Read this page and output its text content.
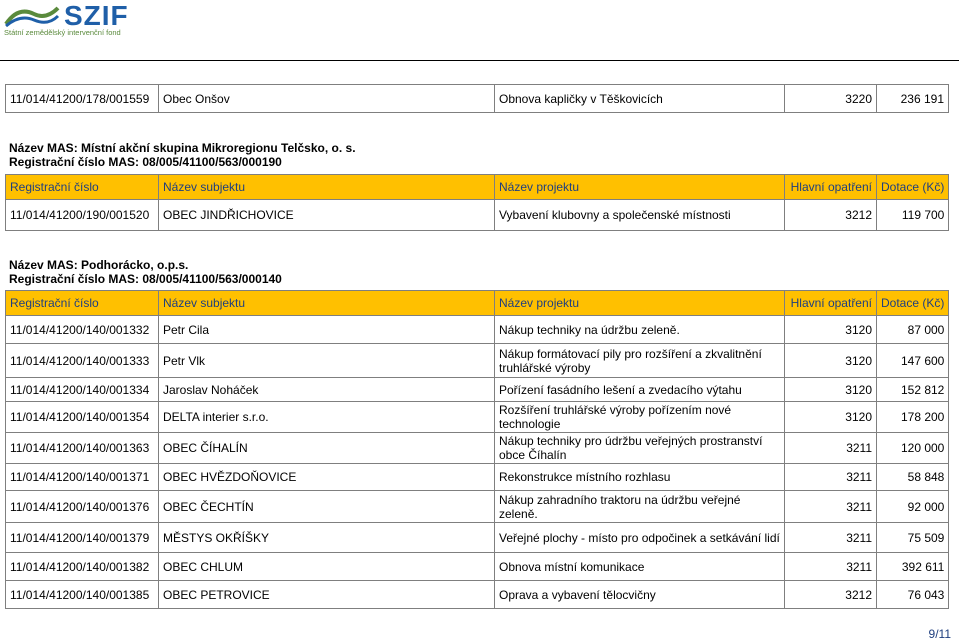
SZIF
Státní zemědělský intervenční fond
11/014/41200/178/001559	Obec Onšov	Obnova kapličky v Těškovicích	3220	236 191
Název MAS: Místní akční skupina Mikroregionu Telčsko, o. s.
Registrační číslo MAS: 08/005/41100/563/000190
Registrační číslo	Název subjektu	Název projektu	Hlavní opatření	Dotace (Kč)
11/014/41200/190/001520	OBEC JINDŘICHOVICE	Vybavení klubovny a společenské místnosti	3212	119 700
Název MAS: Podhorácko, o.p.s.
Registrační číslo MAS: 08/005/41100/563/000140
Registrační číslo	Název subjektu	Název projektu	Hlavní opatření	Dotace (Kč)
11/014/41200/140/001332	Petr Cila	Nákup techniky na údržbu zeleně.	3120	87 000
11/014/41200/140/001333	Petr Vlk	Nákup formátovací pily pro rozšíření a zkvalitnění truhlářské výroby	3120	147 600
11/014/41200/140/001334	Jaroslav Noháček	Pořízení fasádního lešení a zvedacího výtahu	3120	152 812
11/014/41200/140/001354	DELTA interier s.r.o.	Rozšíření truhlářské výroby pořízením nové technologie	3120	178 200
11/014/41200/140/001363	OBEC ČÍHALÍN	Nákup techniky pro údržbu veřejných prostranství obce Číhalín	3211	120 000
11/014/41200/140/001371	OBEC HVĚZDOŇOVICE	Rekonstrukce místního rozhlasu	3211	58 848
11/014/41200/140/001376	OBEC ČECHTÍN	Nákup zahradního traktoru na údržbu veřejné zeleně.	3211	92 000
11/014/41200/140/001379	MĚSTYS OKŘÍŠKY	Veřejné plochy - místo pro odpočinek a setkávání lidí	3211	75 509
11/014/41200/140/001382	OBEC CHLUM	Obnova místní komunikace	3211	392 611
11/014/41200/140/001385	OBEC PETROVICE	Oprava a vybavení tělocvičny	3212	76 043
9/11
